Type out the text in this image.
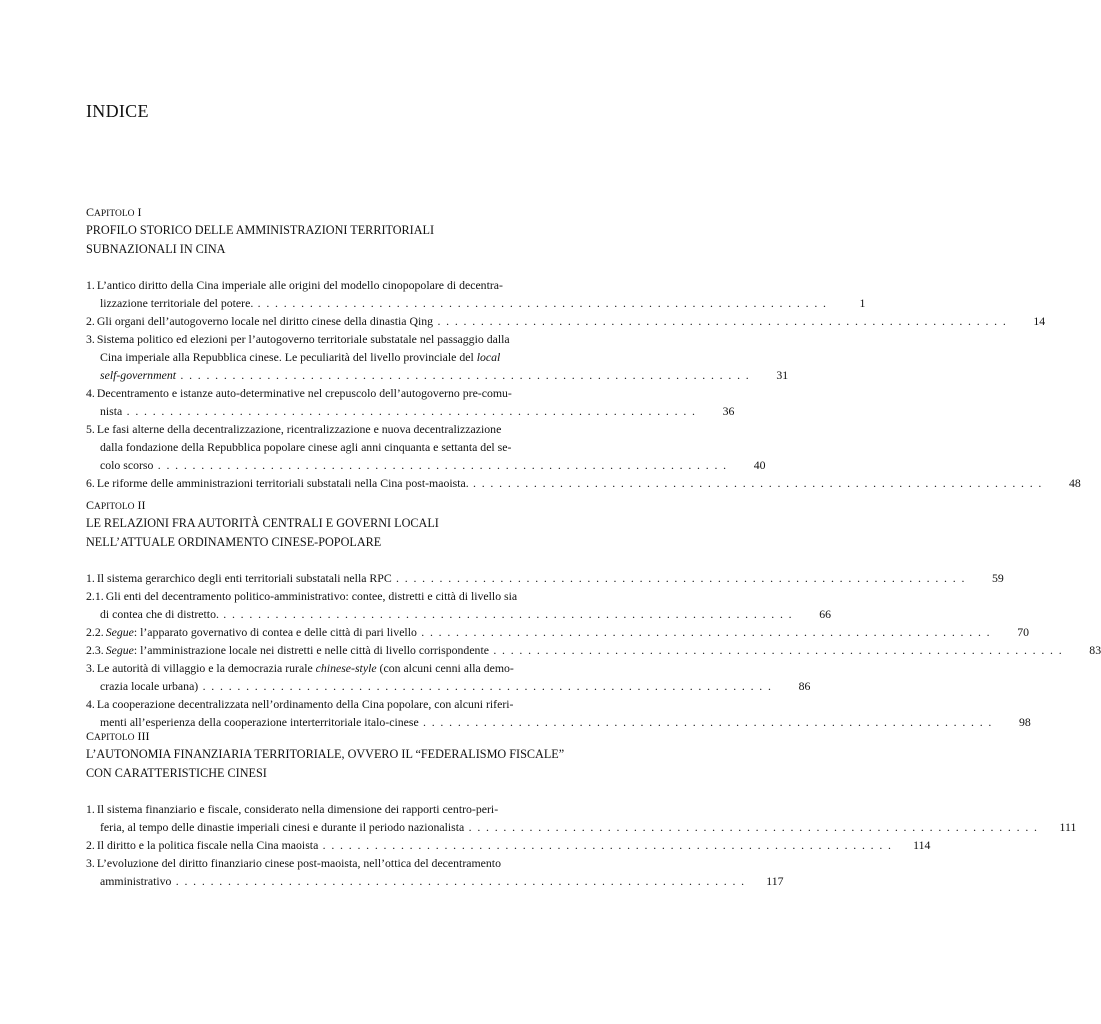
INDICE
CAPITOLO I
PROFILO STORICO DELLE AMMINISTRAZIONI TERRITORIALI
SUBNAZIONALI IN CINA
1.L’antico diritto della Cina imperiale alle origini del modello cinopopolare di decentra-
lizzazione territoriale del potere. . . . . . . . . . . . . . . . . . . . . . . . . . . . . . . . . . . . . . . . . . . . . . . . . . . . . . . . . . . . . . . . . . .	1
2.Gli organi dell’autogoverno locale nel diritto cinese della dinastia Qing . . . . . . . . . . . . . . . . . . . . . . . . . . . . . . . . . . . . . . . . . . . . . . . . . . . . . . . . . . . . . . . . . .	14
3.Sistema politico ed elezioni per l’autogoverno territoriale substatale nel passaggio dalla
Cina imperiale alla Repubblica cinese. Le peculiarità del livello provinciale del local
self-government . . . . . . . . . . . . . . . . . . . . . . . . . . . . . . . . . . . . . . . . . . . . . . . . . . . . . . . . . . . . . . . . . .	31
4.Decentramento e istanze auto-determinative nel crepuscolo dell’autogoverno pre-comu-
nista . . . . . . . . . . . . . . . . . . . . . . . . . . . . . . . . . . . . . . . . . . . . . . . . . . . . . . . . . . . . . . . . . .	36
5.Le fasi alterne della decentralizzazione, ricentralizzazione e nuova decentralizzazione
dalla fondazione della Repubblica popolare cinese agli anni cinquanta e settanta del se-
colo scorso . . . . . . . . . . . . . . . . . . . . . . . . . . . . . . . . . . . . . . . . . . . . . . . . . . . . . . . . . . . . . . . . . .	40
6.Le riforme delle amministrazioni territoriali substatali nella Cina post-maoista. . . . . . . . . . . . . . . . . . . . . . . . . . . . . . . . . . . . . . . . . . . . . . . . . . . . . . . . . . . . . . . . . . .	48
CAPITOLO II
LE RELAZIONI FRA AUTORITÀ CENTRALI E GOVERNI LOCALI
NELL’ATTUALE ORDINAMENTO CINESE-POPOLARE
1.Il sistema gerarchico degli enti territoriali substatali nella RPC . . . . . . . . . . . . . . . . . . . . . . . . . . . . . . . . . . . . . . . . . . . . . . . . . . . . . . . . . . . . . . . . . .	59
2.1.Gli enti del decentramento politico-amministrativo: contee, distretti e città di livello sia
di contea che di distretto. . . . . . . . . . . . . . . . . . . . . . . . . . . . . . . . . . . . . . . . . . . . . . . . . . . . . . . . . . . . . . . . . . .	66
2.2.Segue: l’apparato governativo di contea e delle città di pari livello . . . . . . . . . . . . . . . . . . . . . . . . . . . . . . . . . . . . . . . . . . . . . . . . . . . . . . . . . . . . . . . . . .	70
2.3.Segue: l’amministrazione locale nei distretti e nelle città di livello corrispondente . . . . . . . . . . . . . . . . . . . . . . . . . . . . . . . . . . . . . . . . . . . . . . . . . . . . . . . . . . . . . . . . . .	83
3.Le autorità di villaggio e la democrazia rurale chinese-style (con alcuni cenni alla demo-
crazia locale urbana) . . . . . . . . . . . . . . . . . . . . . . . . . . . . . . . . . . . . . . . . . . . . . . . . . . . . . . . . . . . . . . . . . .	86
4.La cooperazione decentralizzata nell’ordinamento della Cina popolare, con alcuni riferi-
menti all’esperienza della cooperazione interterritoriale italo-cinese . . . . . . . . . . . . . . . . . . . . . . . . . . . . . . . . . . . . . . . . . . . . . . . . . . . . . . . . . . . . . . . . . .	98
CAPITOLO III
L’AUTONOMIA FINANZIARIA TERRITORIALE, OVVERO IL “FEDERALISMO FISCALE”
CON CARATTERISTICHE CINESI
1.Il sistema finanziario e fiscale, considerato nella dimensione dei rapporti centro-peri-
feria, al tempo delle dinastie imperiali cinesi e durante il periodo nazionalista . . . . . . . . . . . . . . . . . . . . . . . . . . . . . . . . . . . . . . . . . . . . . . . . . . . . . . . . . . . . . . . . . .	111
2.Il diritto e la politica fiscale nella Cina maoista . . . . . . . . . . . . . . . . . . . . . . . . . . . . . . . . . . . . . . . . . . . . . . . . . . . . . . . . . . . . . . . . . .	114
3.L’evoluzione del diritto finanziario cinese post-maoista, nell’ottica del decentramento
amministrativo . . . . . . . . . . . . . . . . . . . . . . . . . . . . . . . . . . . . . . . . . . . . . . . . . . . . . . . . . . . . . . . . . .	117
